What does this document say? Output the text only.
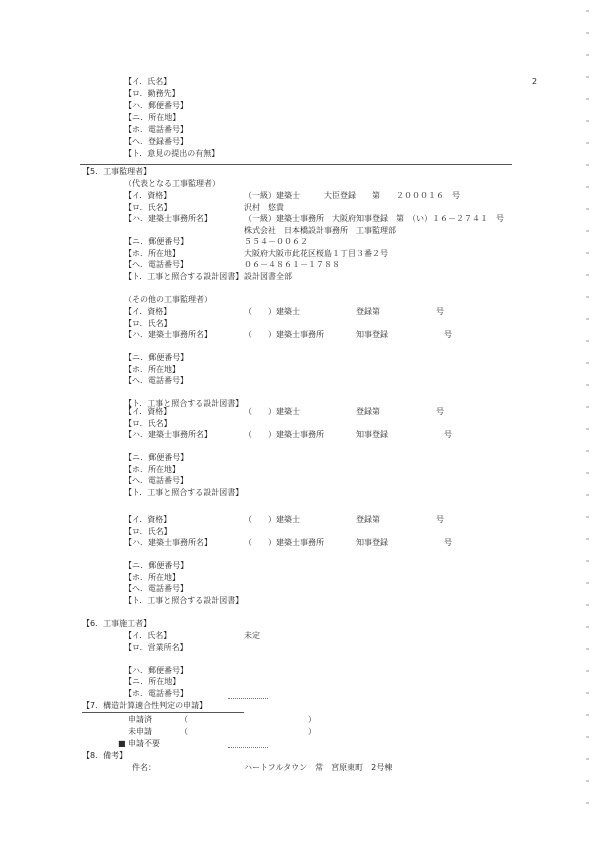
2
【イ．氏名】
【ロ．勤務先】
【ハ．郵便番号】
【ニ．所在地】
【ホ．電話番号】
【ヘ．登録番号】
【ト．意見の提出の有無】
【5．工事監理者】
（代表となる工事監理者）
【イ．資格】	（一級）建築士　　　大臣登録　　第　　２０００１６　号
【ロ．氏名】	沢村　悠貴
【ハ．建築士事務所名】	（一級）建築士事務所　大阪府知事登録　第　（い）１６－２７４１　号
株式会社　日本橋設計事務所　工事監理部
【ニ．郵便番号】	５５４－００６２
【ホ．所在地】	大阪府大阪市此花区桜島１丁目３番２号
【ヘ．電話番号】	０６－４８６１－１７８８
【ト．工事と照合する設計図書】 設計図書全部
（その他の工事監理者）
【イ．資格】	（　　）建築士　　　　　　　登録第　　　　　　　号
【ロ．氏名】
【ハ．建築士事務所名】	（　　）建築士事務所　　　　知事登録　　　　　　　号
【ニ．郵便番号】
【ホ．所在地】
【ヘ．電話番号】
【ト．工事と照合する設計図書】
【イ．資格】	（　　）建築士　　　　　　　登録第　　　　　　　号
【ロ．氏名】
【ハ．建築士事務所名】	（　　）建築士事務所　　　　知事登録　　　　　　　号
【ニ．郵便番号】
【ホ．所在地】
【ヘ．電話番号】
【ト．工事と照合する設計図書】
【イ．資格】	（　　）建築士　　　　　　　登録第　　　　　　　号
【ロ．氏名】
【ハ．建築士事務所名】	（　　）建築士事務所　　　　知事登録　　　　　　　号
【ニ．郵便番号】
【ホ．所在地】
【ヘ．電話番号】
【ト．工事と照合する設計図書】
【6．工事施工者】
【イ．氏名】	未定
【ロ．営業所名】
【ハ．郵便番号】
【ニ．所在地】
【ホ．電話番号】
【7．構造計算適合性判定の申請】
申請済	（　　　　　　　　　　　　　　　）
未申請	（　　　　　　　　　　　　　　　）
■ 申請不要
【8．備考】
件名：	ハートフルタウン　常　宮原東町　2号棟
